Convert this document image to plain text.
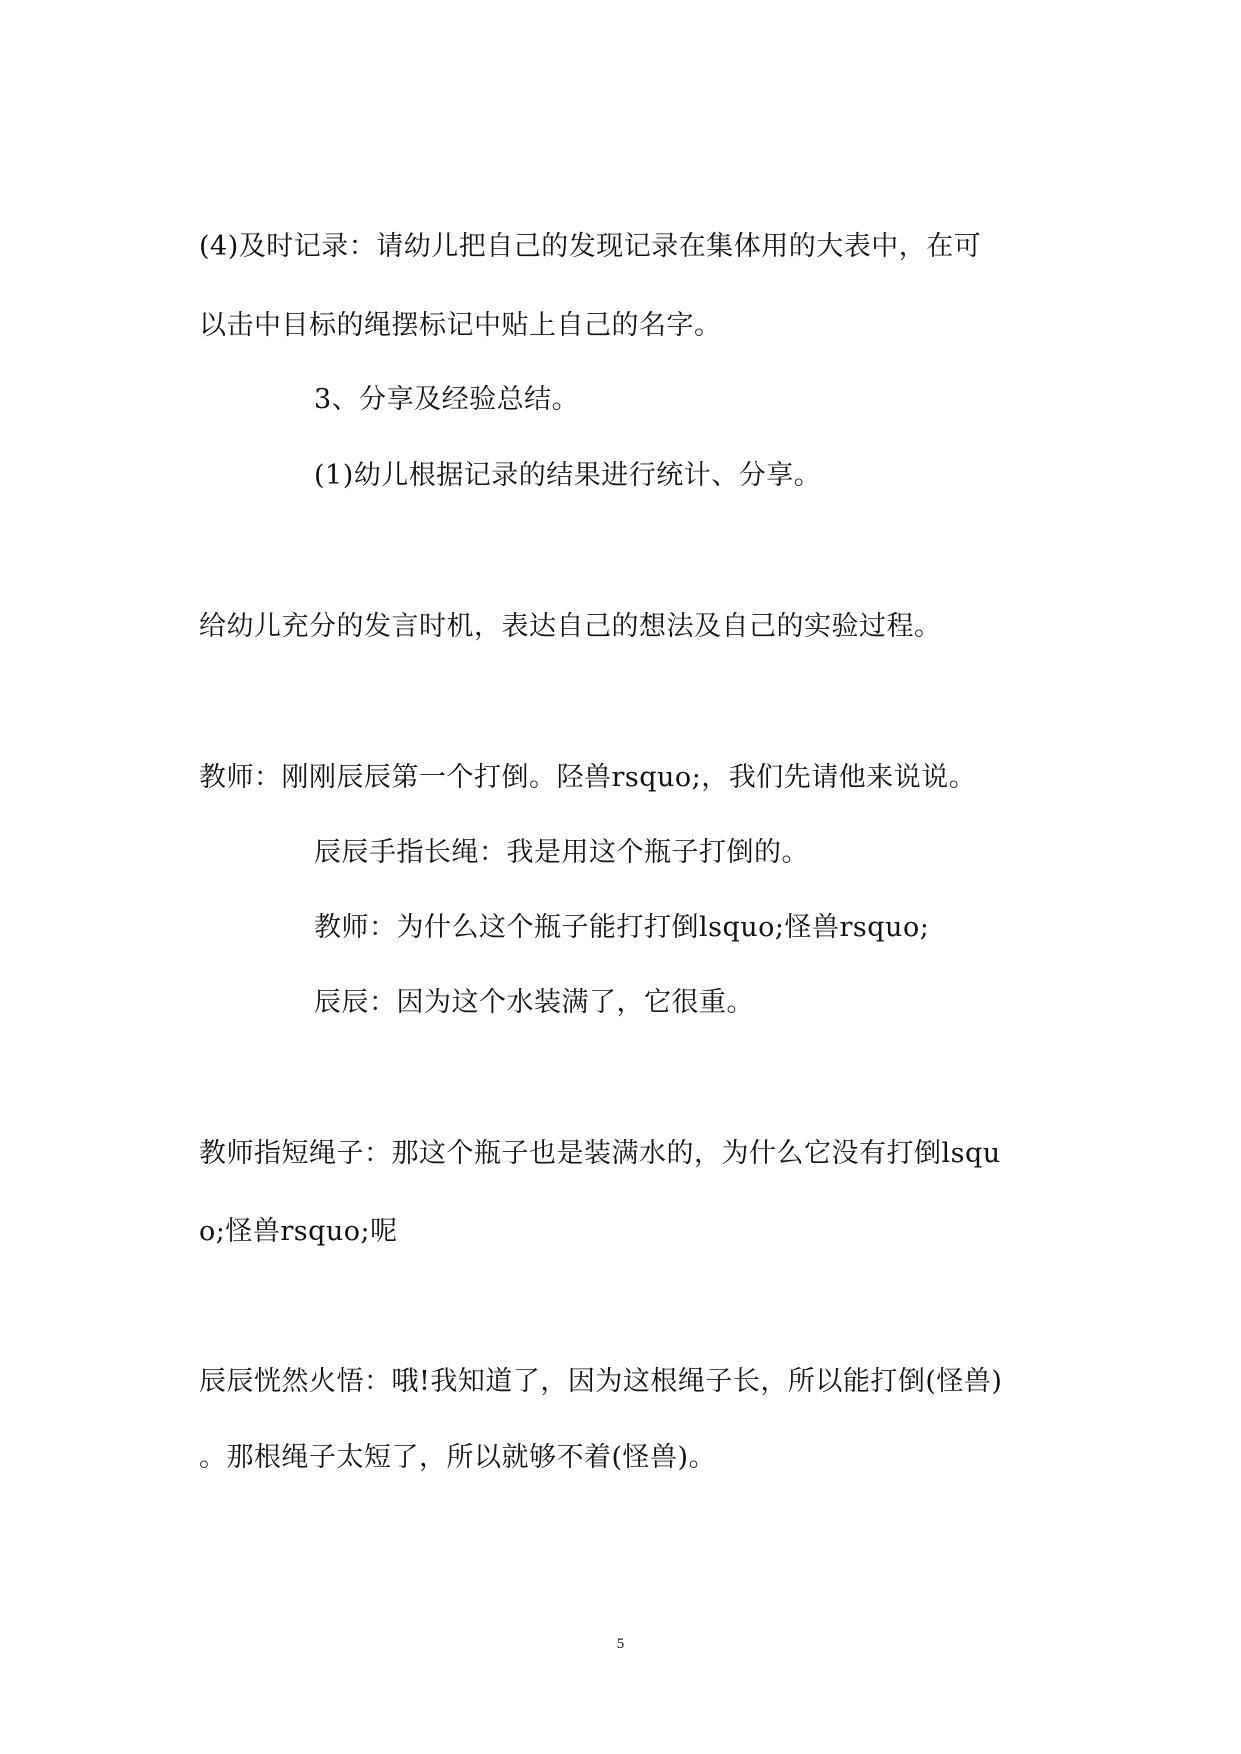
(4)及时记录：请幼儿把自己的发现记录在集体用的大表中，在可
以击中目标的绳摆标记中贴上自己的名字。
3、分享及经验总结。
(1)幼儿根据记录的结果进行统计、分享。
给幼儿充分的发言时机，表达自己的想法及自己的实验过程。
教师：刚刚辰辰第一个打倒。陉兽rsquo;，我们先请他来说说。
辰辰手指长绳：我是用这个瓶子打倒的。
教师：为什么这个瓶子能打打倒lsquo;怪兽rsquo;
辰辰：因为这个水装满了，它很重。
教师指短绳子：那这个瓶子也是装满水的，为什么它没有打倒lsqu
o;怪兽rsquo;呢
辰辰恍然火悟：哦!我知道了，因为这根绳子长，所以能打倒(怪兽)
。那根绳子太短了，所以就够不着(怪兽)。
5
